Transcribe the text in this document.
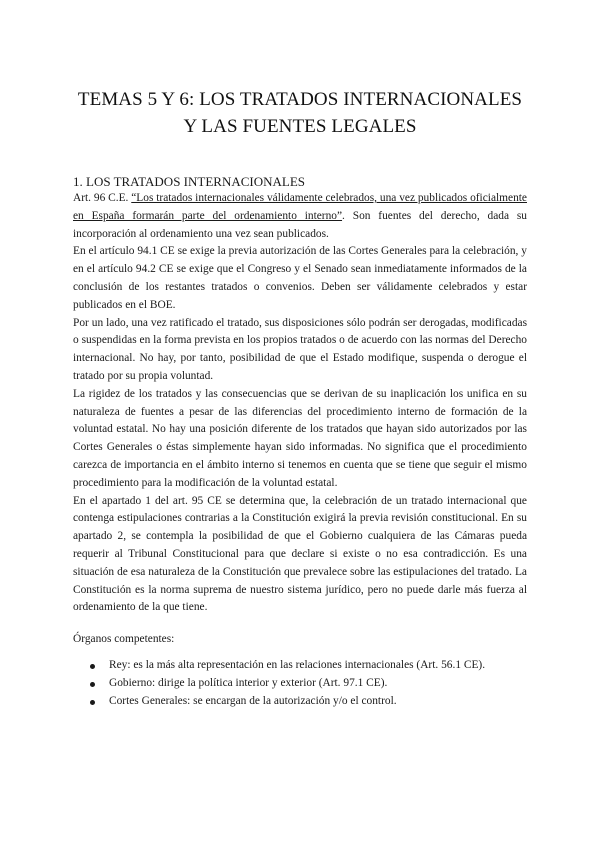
TEMAS 5 Y 6: LOS TRATADOS INTERNACIONALES Y LAS FUENTES LEGALES
1. LOS TRATADOS INTERNACIONALES

Art. 96 C.E. “Los tratados internacionales válidamente celebrados, una vez publicados oficialmente en España formarán parte del ordenamiento interno”. Son fuentes del derecho, dada su incorporación al ordenamiento una vez sean publicados.

En el artículo 94.1 CE se exige la previa autorización de las Cortes Generales para la celebración, y en el artículo 94.2 CE se exige que el Congreso y el Senado sean inmediatamente informados de la conclusión de los restantes tratados o convenios. Deben ser válidamente celebrados y estar publicados en el BOE.

Por un lado, una vez ratificado el tratado, sus disposiciones sólo podrán ser derogadas, modificadas o suspendidas en la forma prevista en los propios tratados o de acuerdo con las normas del Derecho internacional. No hay, por tanto, posibilidad de que el Estado modifique, suspenda o derogue el tratado por su propia voluntad.

La rigidez de los tratados y las consecuencias que se derivan de su inaplicación los unifica en su naturaleza de fuentes a pesar de las diferencias del procedimiento interno de formación de la voluntad estatal. No hay una posición diferente de los tratados que hayan sido autorizados por las Cortes Generales o éstas simplemente hayan sido informadas. No significa que el procedimiento carezca de importancia en el ámbito interno si tenemos en cuenta que se tiene que seguir el mismo procedimiento para la modificación de la voluntad estatal.

En el apartado 1 del art. 95 CE se determina que, la celebración de un tratado internacional que contenga estipulaciones contrarias a la Constitución exigirá la previa revisión constitucional. En su apartado 2, se contempla la posibilidad de que el Gobierno cualquiera de las Cámaras pueda requerir al Tribunal Constitucional para que declare si existe o no esa contradicción. Es una situación de esa naturaleza de la Constitución que prevalece sobre las estipulaciones del tratado. La Constitución es la norma suprema de nuestro sistema jurídico, pero no puede darle más fuerza al ordenamiento de la que tiene.

Órganos competentes:

Rey: es la más alta representación en las relaciones internacionales (Art. 56.1 CE).
Gobierno: dirige la política interior y exterior (Art. 97.1 CE).
Cortes Generales: se encargan de la autorización y/o el control.
